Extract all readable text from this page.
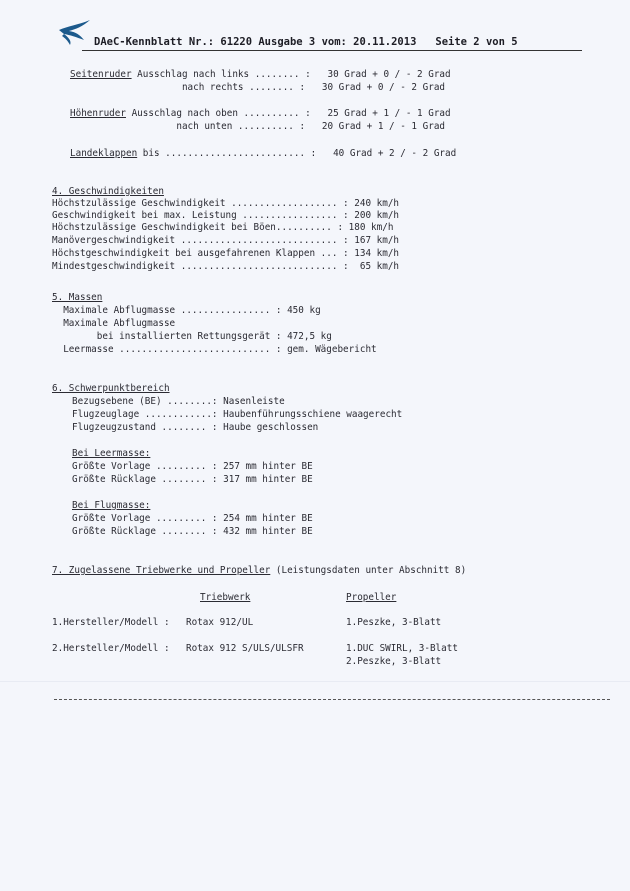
DAeC-Kennblatt Nr.: 61220 Ausgabe 3 vom: 20.11.2013 Seite 2 von 5
Seitenruder Ausschlag nach links ........ :   30 Grad + 0 / - 2 Grad
nach rechts ........ :   30 Grad + 0 / - 2 Grad
Höhenruder Ausschlag nach oben .......... :   25 Grad + 1 / - 1 Grad
nach unten .......... :   20 Grad + 1 / - 1 Grad
Landeklappen bis ......................... :   40 Grad + 2 / - 2 Grad
4. Geschwindigkeiten
Höchstzulässige Geschwindigkeit ................... : 240 km/h
Geschwindigkeit bei max. Leistung ................. : 200 km/h
Höchstzulässige Geschwindigkeit bei Böen.......... : 180 km/h
Manövergeschwindigkeit ............................ : 167 km/h
Höchstgeschwindigkeit bei ausgefahrenen Klappen ... : 134 km/h
Mindestgeschwindigkeit ............................ :  65 km/h
5. Massen
Maximale Abflugmasse ................ : 450 kg
Maximale Abflugmasse
bei installierten Rettungsgerät : 472,5 kg
Leermasse ........................... : gem. Wägebericht
6. Schwerpunktbereich
Bezugsebene (BE) ........: Nasenleiste
Flugzeuglage ............: Haubenführungsschiene waagerecht
Flugzeugzustand ........ : Haube geschlossen
Bei Leermasse:
Größte Vorlage ......... : 257 mm hinter BE
Größte Rücklage ........ : 317 mm hinter BE
Bei Flugmasse:
Größte Vorlage ......... : 254 mm hinter BE
Größte Rücklage ........ : 432 mm hinter BE
7. Zugelassene Triebwerke und Propeller (Leistungsdaten unter Abschnitt 8)
Triebwerk	Propeller
1.Hersteller/Modell : Rotax 912/UL	1.Peszke, 3-Blatt
2.Hersteller/Modell : Rotax 912 S/ULS/ULSFR	1.DUC SWIRL, 3-Blatt
2.Peszke, 3-Blatt
